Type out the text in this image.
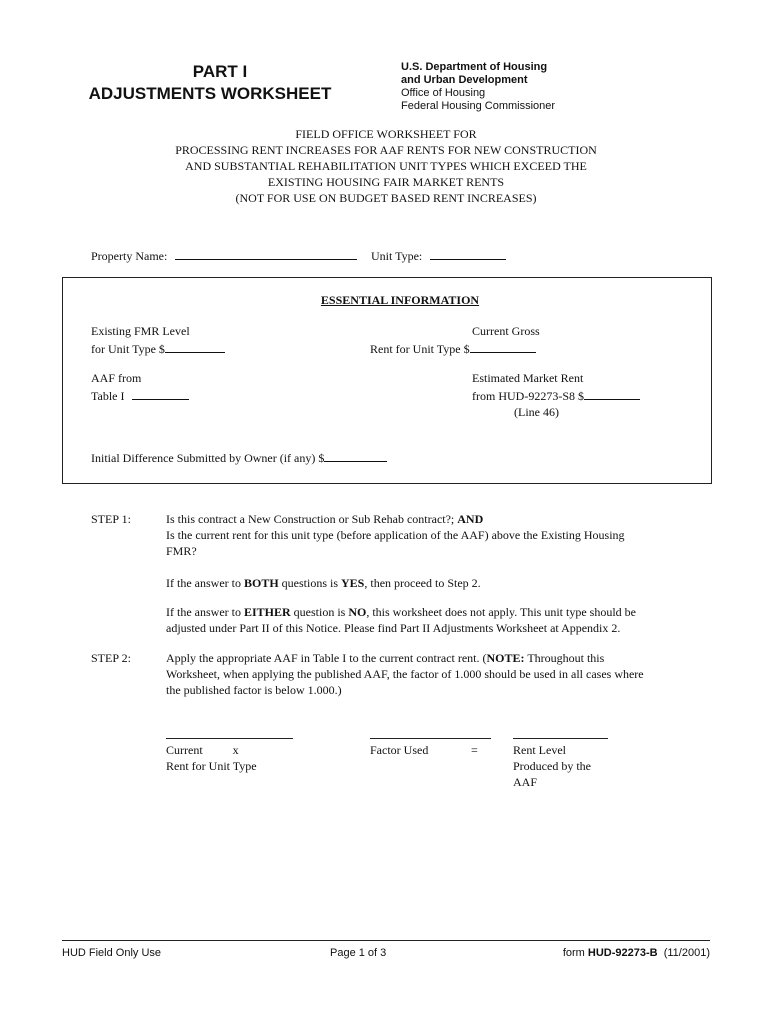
PART I
ADJUSTMENTS WORKSHEET
U.S. Department of Housing
and Urban Development
Office of Housing
Federal Housing Commissioner
FIELD OFFICE WORKSHEET FOR
PROCESSING RENT INCREASES FOR AAF RENTS FOR NEW CONSTRUCTION
AND SUBSTANTIAL REHABILITATION UNIT TYPES WHICH EXCEED THE
EXISTING HOUSING FAIR MARKET RENTS
(NOT FOR USE ON BUDGET BASED RENT INCREASES)
Property Name:	Unit Type:
ESSENTIAL INFORMATION
Existing FMR Level
for Unit Type $
Current Gross
Rent for Unit Type $
AAF from
Table I
Estimated Market Rent
from HUD-92273-S8 $
(Line 46)
Initial Difference Submitted by Owner (if any) $
STEP 1:	Is this contract a New Construction or Sub Rehab contract?; AND

Is the current rent for this unit type (before application of the AAF) above the Existing Housing

FMR?

If the answer to BOTH questions is YES, then proceed to Step 2.

If the answer to EITHER question is NO, this worksheet does not apply. This unit type should be

adjusted under Part II of this Notice. Please find Part II Adjustments Worksheet at Appendix 2.

STEP 2:	Apply the appropriate AAF in Table I to the current contract rent. (NOTE: Throughout this

Worksheet, when applying the published AAF, the factor of 1.000 should be used in all cases where

the published factor is below 1.000.)

Current	x
Rent for Unit Type
Factor Used	=	Rent Level
Produced by the
AAF
HUD Field Only Use	Page 1 of 3	form HUD-92273-B  (11/2001)
